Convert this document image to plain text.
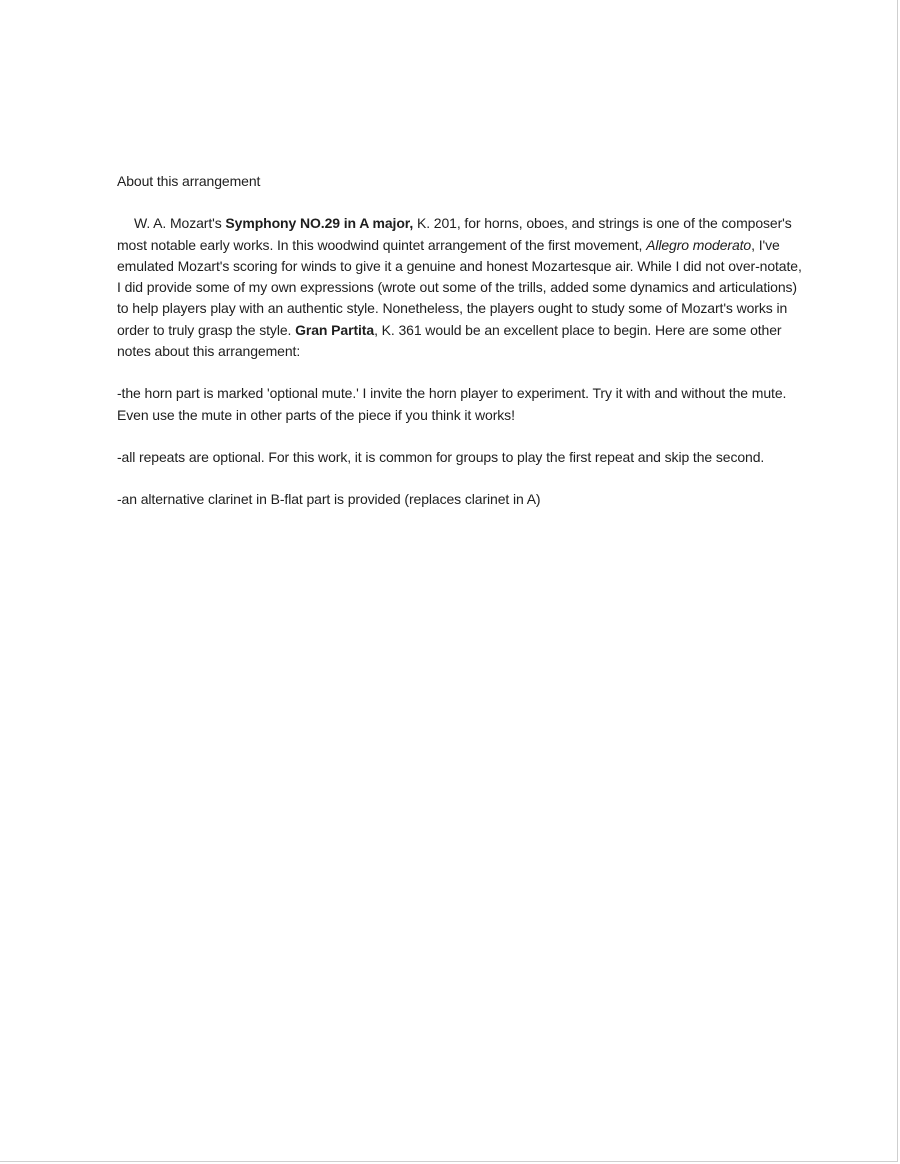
About this arrangement

W. A. Mozart's Symphony NO.29 in A major, K. 201, for horns, oboes, and strings is one of the composer's most notable early works. In this woodwind quintet arrangement of the first movement, Allegro moderato, I've emulated Mozart's scoring for winds to give it a genuine and honest Mozartesque air. While I did not over-notate, I did provide some of my own expressions (wrote out some of the trills, added some dynamics and articulations) to help players play with an authentic style. Nonetheless, the players ought to study some of Mozart's works in order to truly grasp the style. Gran Partita, K. 361 would be an excellent place to begin. Here are some other notes about this arrangement:

-the horn part is marked 'optional mute.' I invite the horn player to experiment. Try it with and without the mute. Even use the mute in other parts of the piece if you think it works!

-all repeats are optional. For this work, it is common for groups to play the first repeat and skip the second.

-an alternative clarinet in B-flat part is provided (replaces clarinet in A)
